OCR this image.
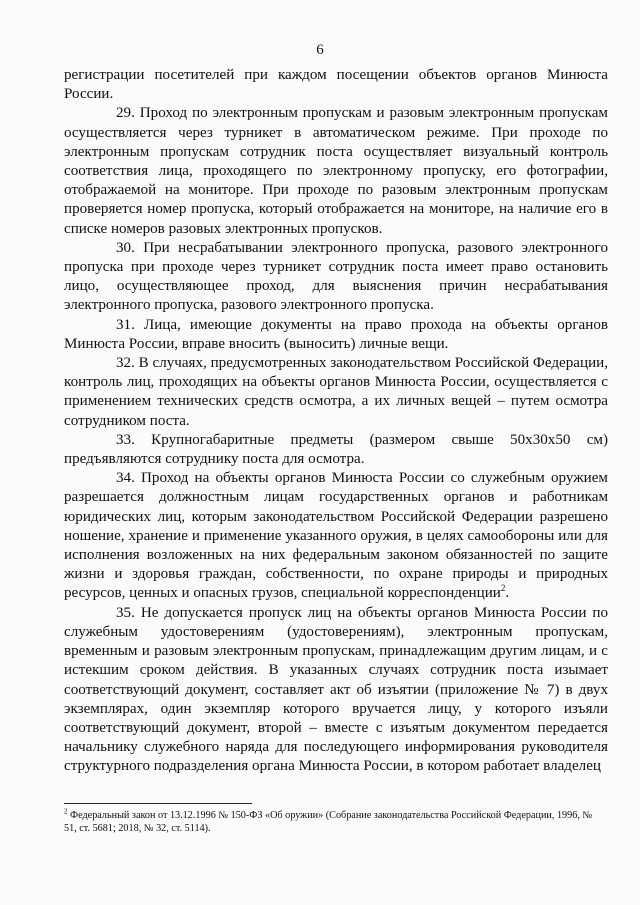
6

регистрации посетителей при каждом посещении объектов органов Минюста России.

29. Проход по электронным пропускам и разовым электронным пропускам осуществляется через турникет в автоматическом режиме. При проходе по электронным пропускам сотрудник поста осуществляет визуальный контроль соответствия лица, проходящего по электронному пропуску, его фотографии, отображаемой на мониторе. При проходе по разовым электронным пропускам проверяется номер пропуска, который отображается на мониторе, на наличие его в списке номеров разовых электронных пропусков.

30. При несрабатывании электронного пропуска, разового электронного пропуска при проходе через турникет сотрудник поста имеет право остановить лицо, осуществляющее проход, для выяснения причин несрабатывания электронного пропуска, разового электронного пропуска.

31. Лица, имеющие документы на право прохода на объекты органов Минюста России, вправе вносить (выносить) личные вещи.

32. В случаях, предусмотренных законодательством Российской Федерации, контроль лиц, проходящих на объекты органов Минюста России, осуществляется с применением технических средств осмотра, а их личных вещей – путем осмотра сотрудником поста.

33. Крупногабаритные предметы (размером свыше 50x30x50 см) предъявляются сотруднику поста для осмотра.

34. Проход на объекты органов Минюста России со служебным оружием разрешается должностным лицам государственных органов и работникам юридических лиц, которым законодательством Российской Федерации разрешено ношение, хранение и применение указанного оружия, в целях самообороны или для исполнения возложенных на них федеральным законом обязанностей по защите жизни и здоровья граждан, собственности, по охране природы и природных ресурсов, ценных и опасных грузов, специальной корреспонденции$^2$.

35. Не допускается пропуск лиц на объекты органов Минюста России по служебным удостоверениям (удостоверениям), электронным пропускам, временным и разовым электронным пропускам, принадлежащим другим лицам, и с истекшим сроком действия. В указанных случаях сотрудник поста изымает соответствующий документ, составляет акт об изъятии (приложение № 7) в двух экземплярах, один экземпляр которого вручается лицу, у которого изъяли соответствующий документ, второй – вместе с изъятым документом передается начальнику служебного наряда для последующего информирования руководителя структурного подразделения органа Минюста России, в котором работает владелец

$^2$ Федеральный закон от 13.12.1996 № 150-ФЗ «Об оружии» (Собрание законодательства Российской Федерации, 1996, № 51, ст. 5681; 2018, № 32, ст. 5114).
